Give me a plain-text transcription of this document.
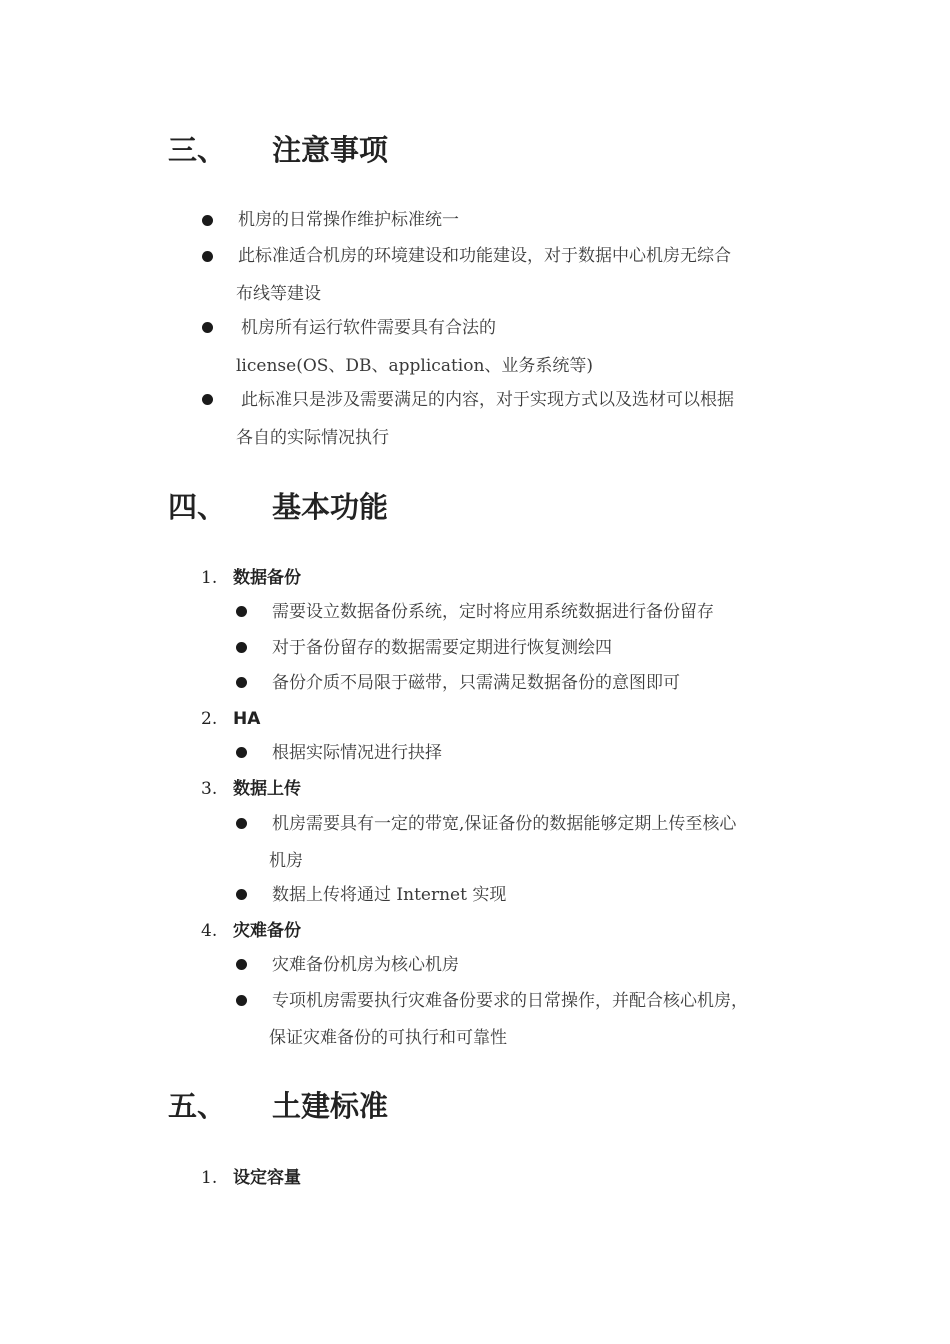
三、 注意事项
机房的日常操作维护标准统一
此标准适合机房的环境建设和功能建设，对于数据中心机房无综合
布线等建设
机房所有运行软件需要具有合法的
license(OS、DB、application、业务系统等)
此标准只是涉及需要满足的内容，对于实现方式以及选材可以根据
各自的实际情况执行
四、 基本功能
1. 数据备份
需要设立数据备份系统，定时将应用系统数据进行备份留存
对于备份留存的数据需要定期进行恢复测绘四
备份介质不局限于磁带，只需满足数据备份的意图即可
2. HA
根据实际情况进行抉择
3. 数据上传
机房需要具有一定的带宽,保证备份的数据能够定期上传至核心
机房
数据上传将通过 Internet 实现
4. 灾难备份
灾难备份机房为核心机房
专项机房需要执行灾难备份要求的日常操作，并配合核心机房，
保证灾难备份的可执行和可靠性
五、 土建标准
1. 设定容量
